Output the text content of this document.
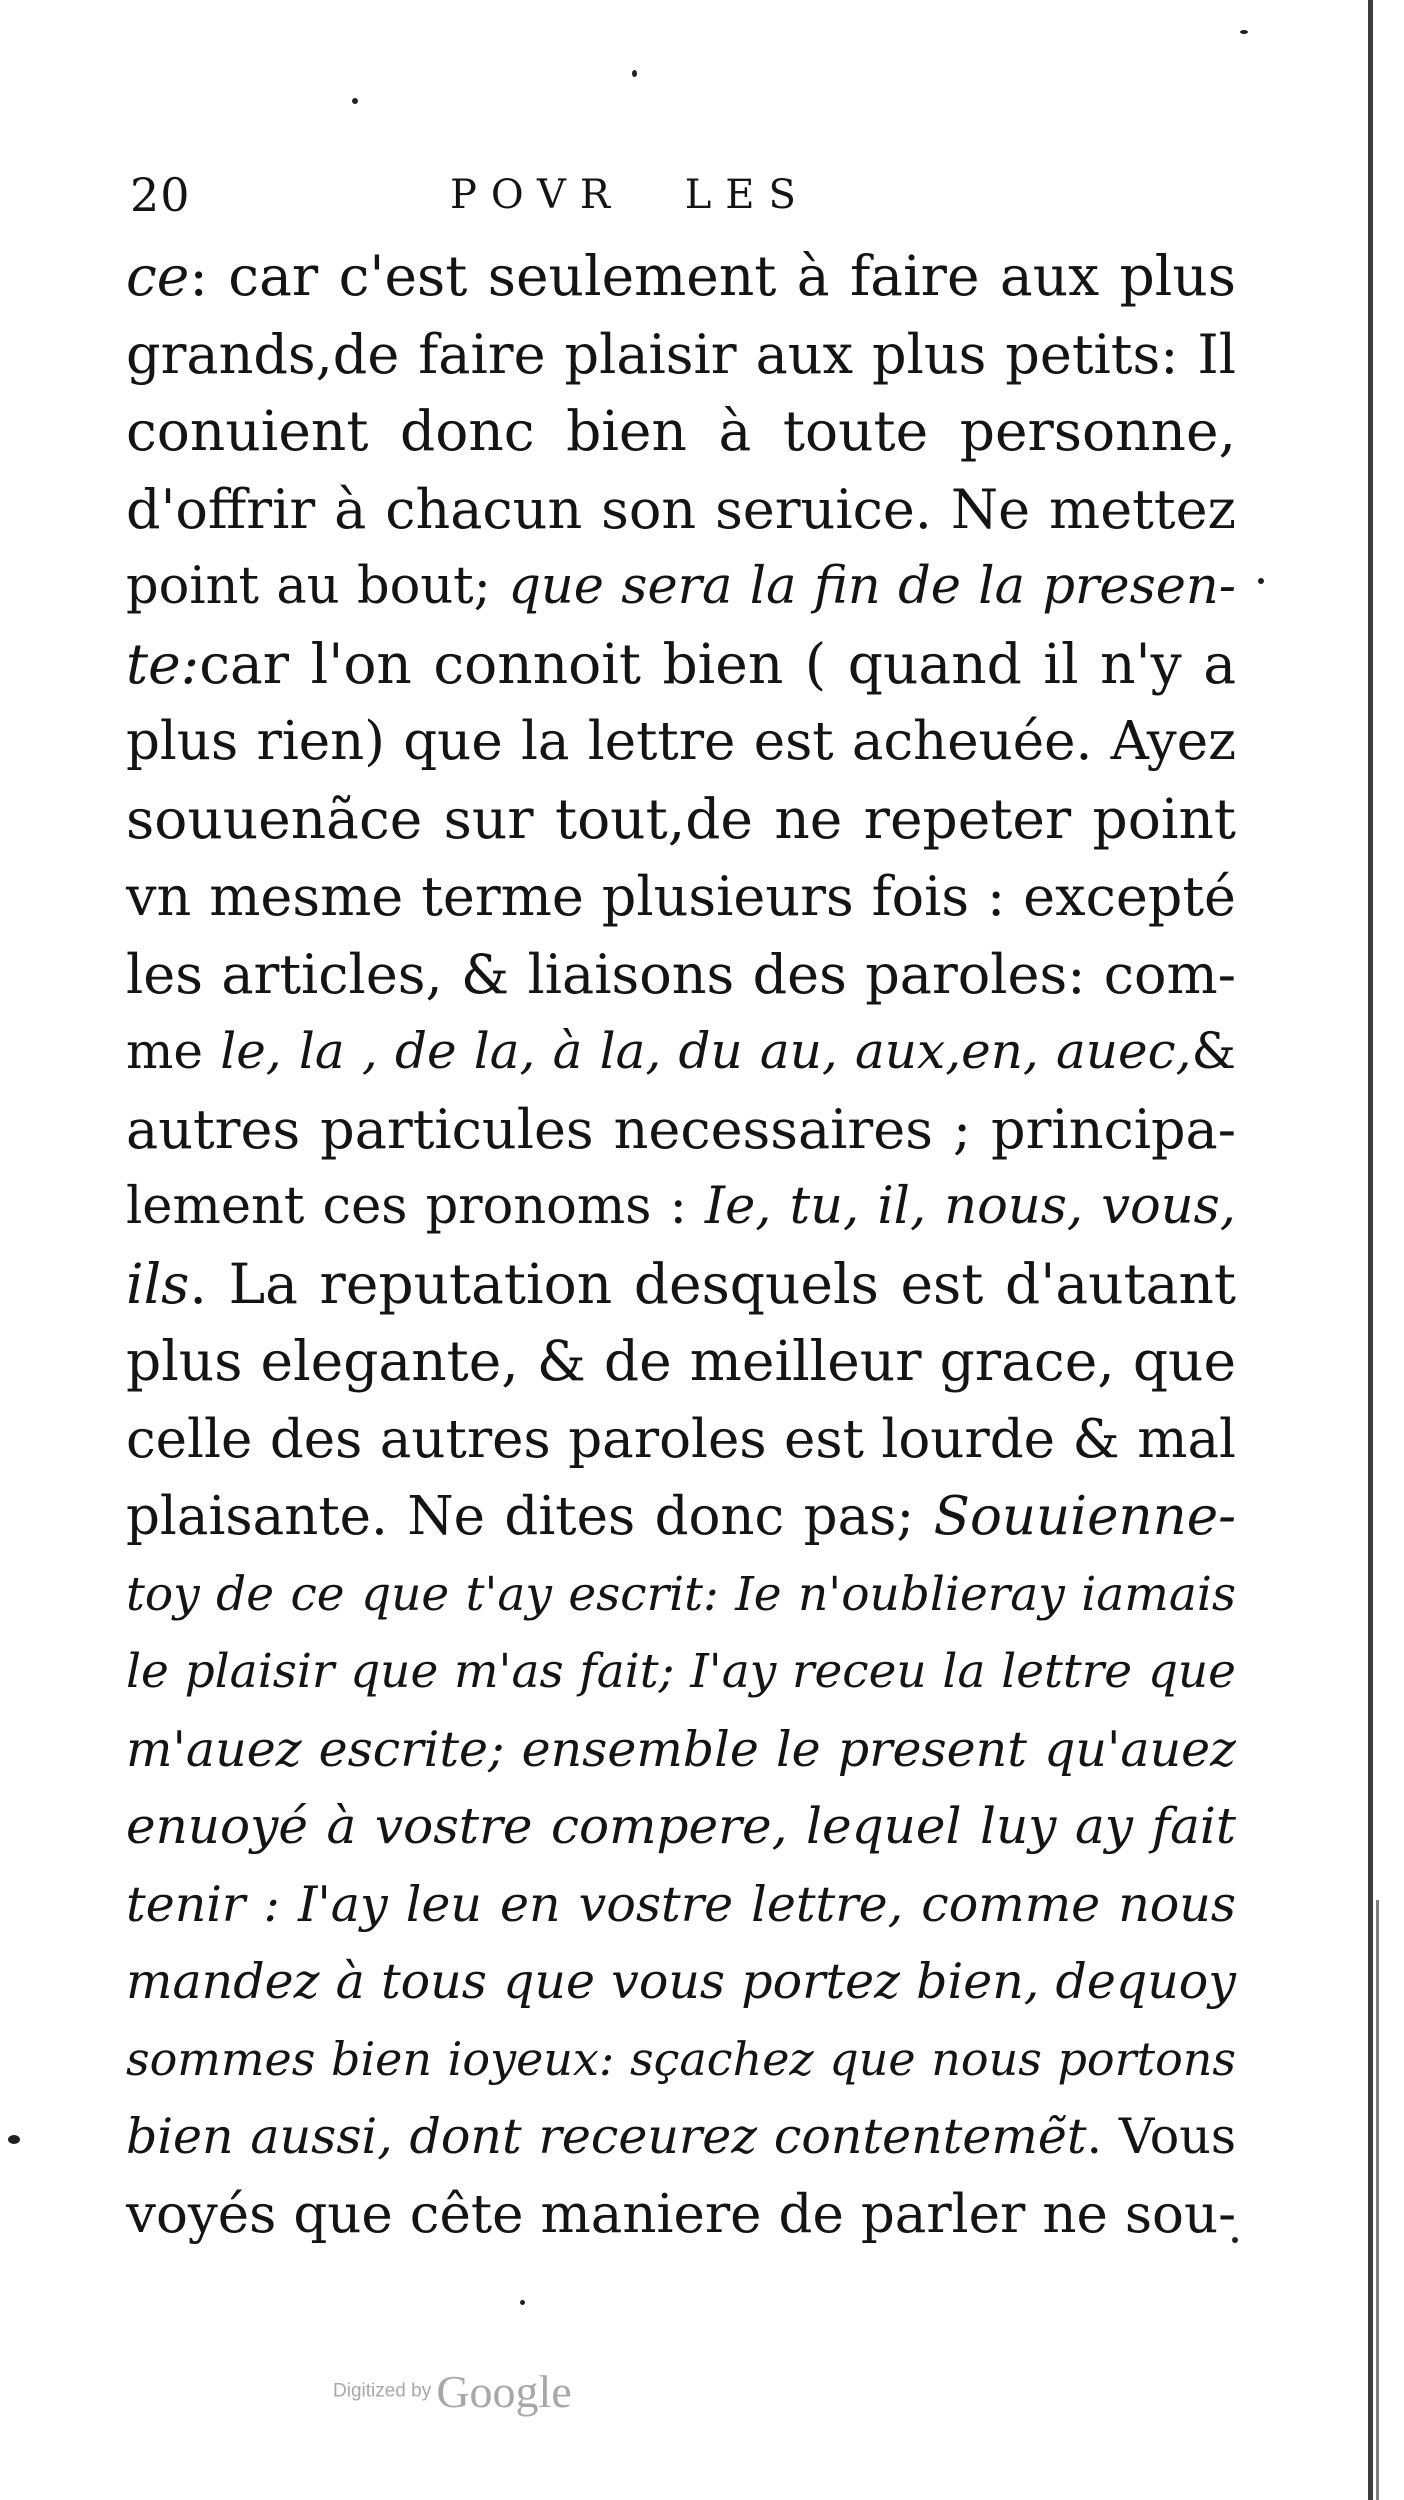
20	POVR LES
ce: car c'est seulement à faire aux plus
grands,de faire plaisir aux plus petits: Il
conuient donc bien à toute personne,
d'offrir à chacun son seruice. Ne mettez
point au bout; que sera la fin de la presen-
te:car l'on connoit bien ( quand il n'y a
plus rien) que la lettre est acheuée. Ayez
souuenãce sur tout,de ne repeter point
vn mesme terme plusieurs fois : excepté
les articles, & liaisons des paroles: com-
me le, la , de la, à la, du au, aux,en, auec,&
autres particules necessaires ; principa-
lement ces pronoms : Ie, tu, il, nous, vous,
ils. La reputation desquels est d'autant
plus elegante, & de meilleur grace, que
celle des autres paroles est lourde & mal
plaisante. Ne dites donc pas; Souuienne-
toy de ce que t'ay escrit: Ie n'oublieray iamais
le plaisir que m'as fait; I'ay receu la lettre que
m'auez escrite; ensemble le present qu'auez
enuoyé à vostre compere, lequel luy ay fait
tenir : I'ay leu en vostre lettre, comme nous
mandez à tous que vous portez bien, dequoy
sommes bien ioyeux: sçachez que nous portons
bien aussi, dont receurez contentemẽt. Vous
voyés que cête maniere de parler ne sou-
Digitized by Google
